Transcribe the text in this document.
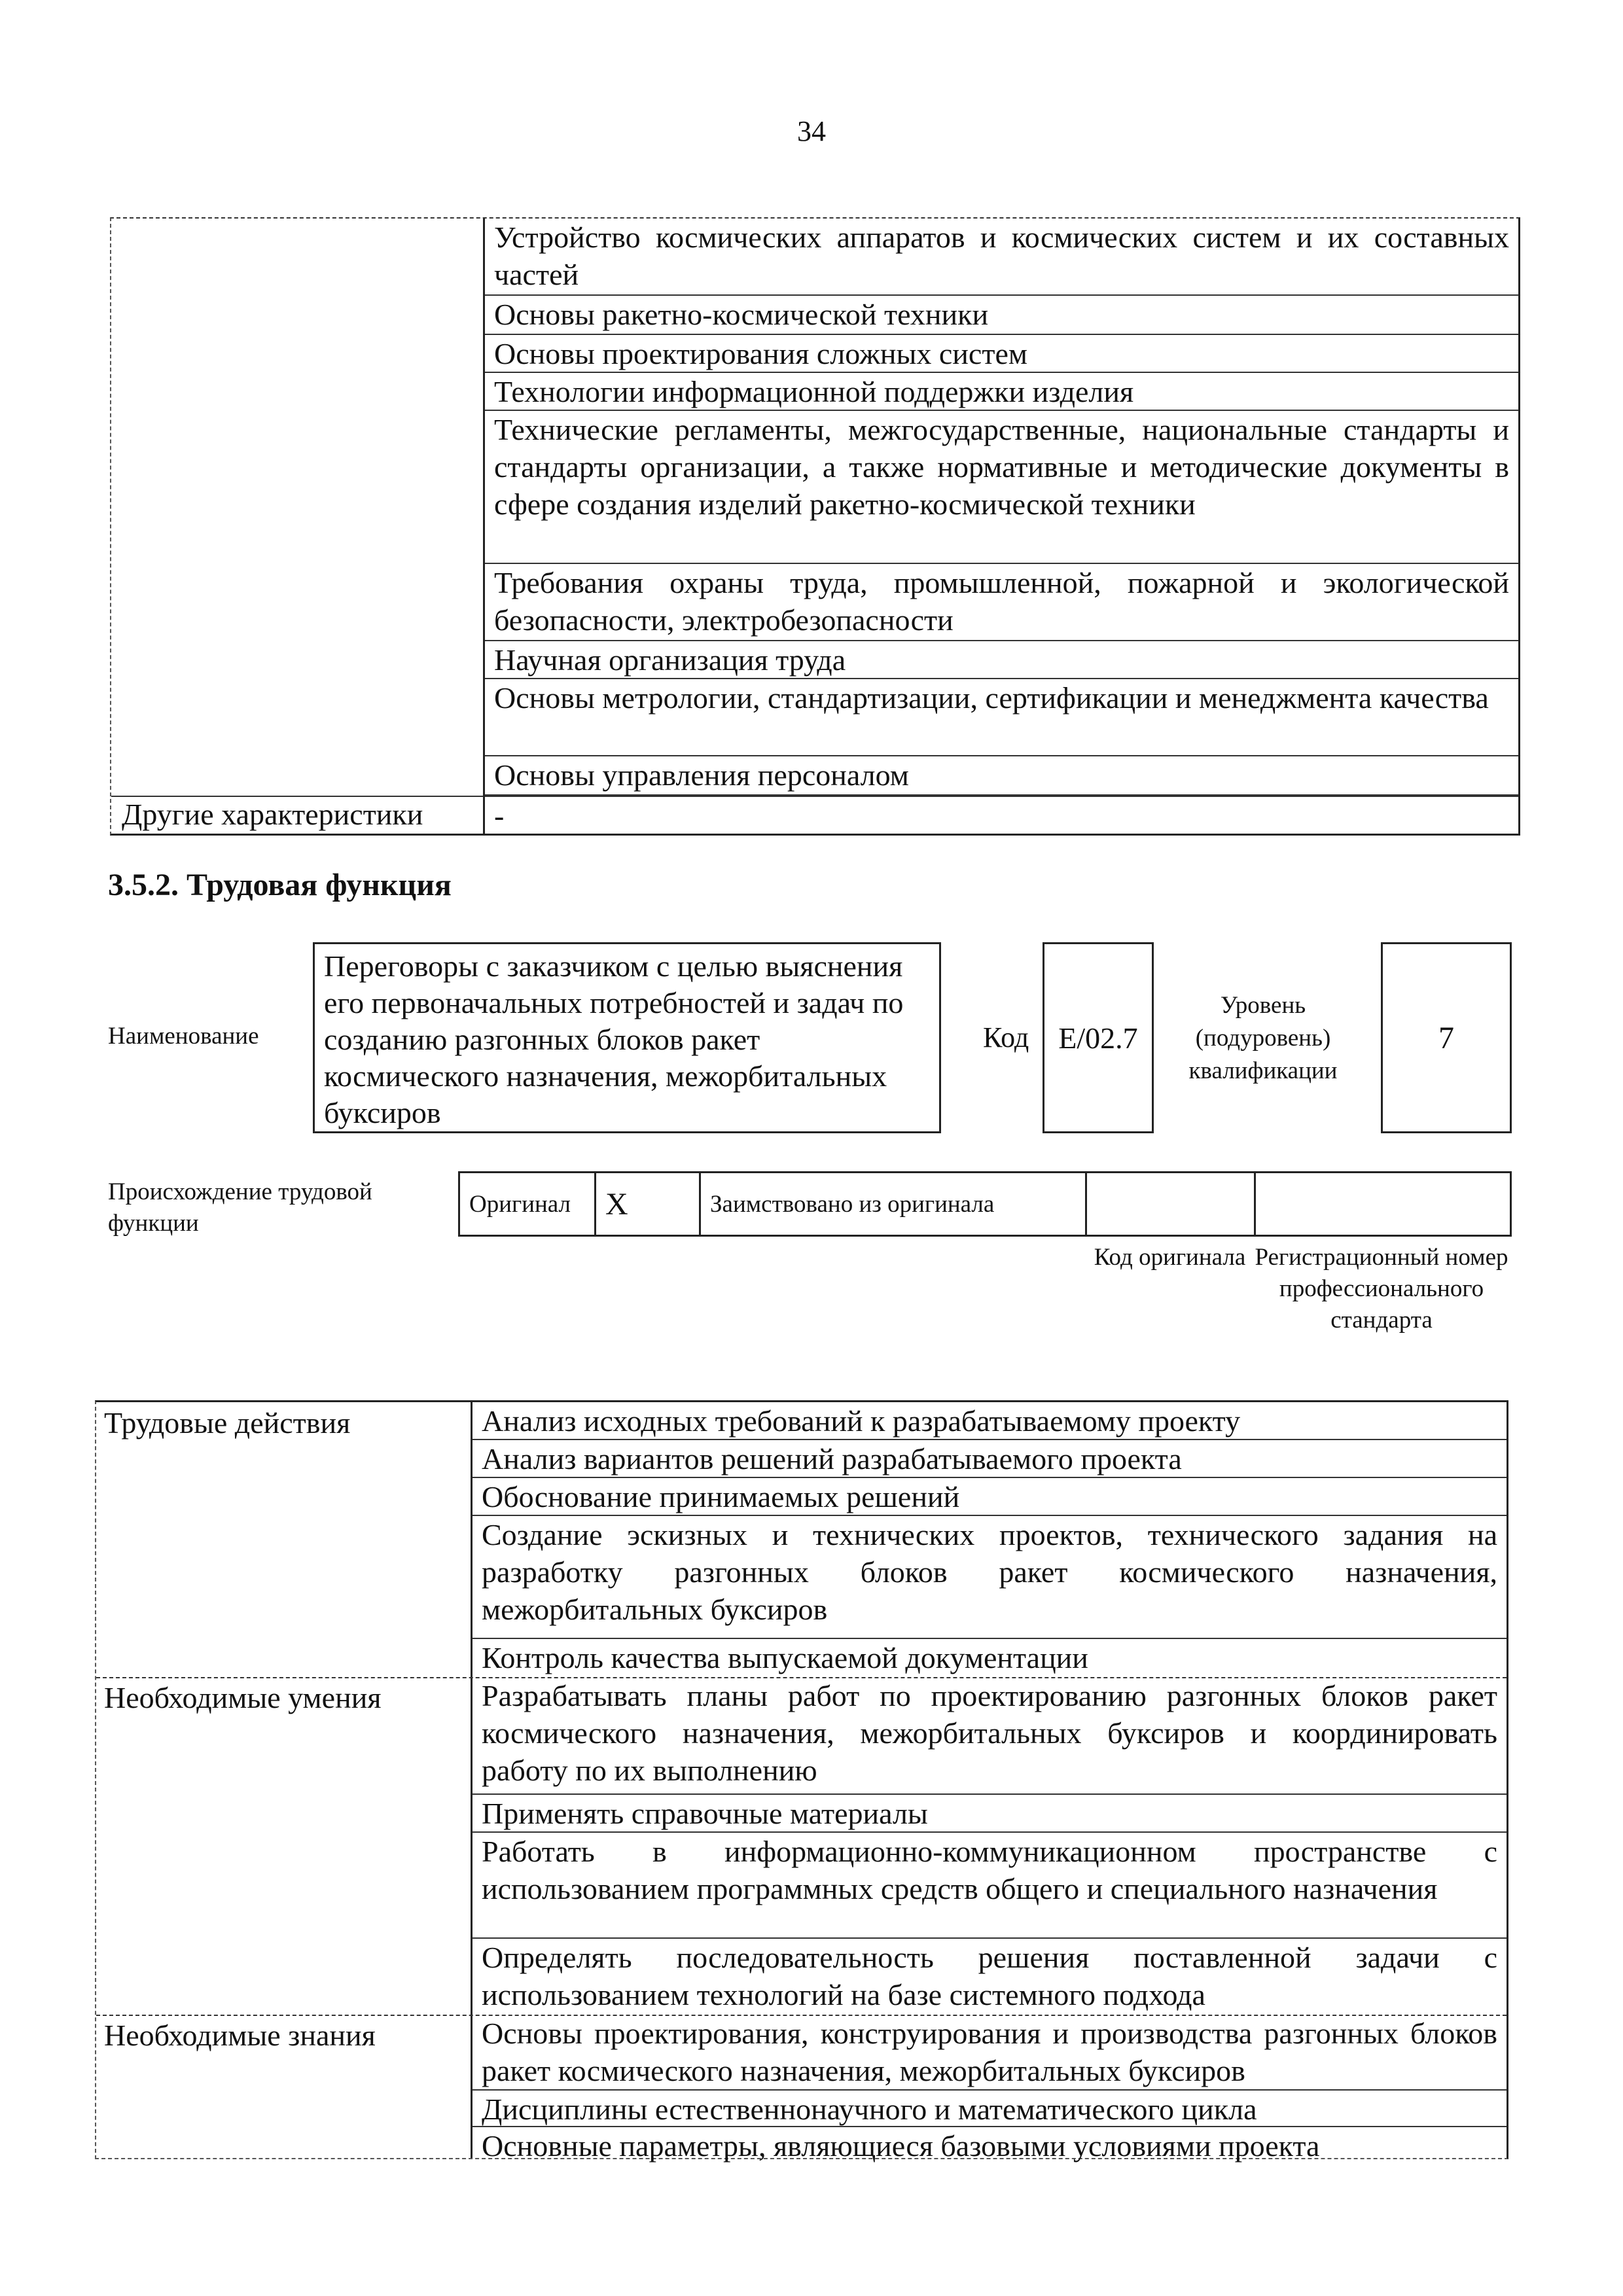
34
Устройство космических аппаратов и космических систем и их составных частей
Основы ракетно-космической техники
Основы проектирования сложных систем
Технологии информационной поддержки изделия
Технические регламенты, межгосударственные, национальные стандарты и стандарты организации, а также нормативные и методические документы в сфере создания изделий ракетно-космической техники
Требования охраны труда, промышленной, пожарной и экологической безопасности, электробезопасности
Научная организация труда
Основы метрологии, стандартизации, сертификации и менеджмента качества
Основы управления персоналом
-
Другие характеристики
3.5.2. Трудовая функция
Наименование
Переговоры с заказчиком с целью выяснения его первоначальных потребностей и задач по созданию разгонных блоков ракет космического назначения, межорбитальных буксиров
Код E/02.7
Уровень (подуровень) квалификации
7
Происхождение трудовой функции
Оригинал	X	Заимствовано из оригинала
Код оригинала Регистрационный номер профессионального стандарта
Трудовые действия
Необходимые умения
Необходимые знания
Анализ исходных требований к разрабатываемому проекту
Анализ вариантов решений разрабатываемого проекта
Обоснование принимаемых решений
Создание эскизных и технических проектов, технического задания на разработку разгонных блоков ракет космического назначения, межорбитальных буксиров
Контроль качества выпускаемой документации
Разрабатывать планы работ по проектированию разгонных блоков ракет космического назначения, межорбитальных буксиров и координировать работу по их выполнению
Применять справочные материалы
Работать в информационно-коммуникационном пространстве с использованием программных средств общего и специального назначения
Определять последовательность решения поставленной задачи с использованием технологий на базе системного подхода
Основы проектирования, конструирования и производства разгонных блоков ракет космического назначения, межорбитальных буксиров
Дисциплины естественнонаучного и математического цикла
Основные параметры, являющиеся базовыми условиями проекта
